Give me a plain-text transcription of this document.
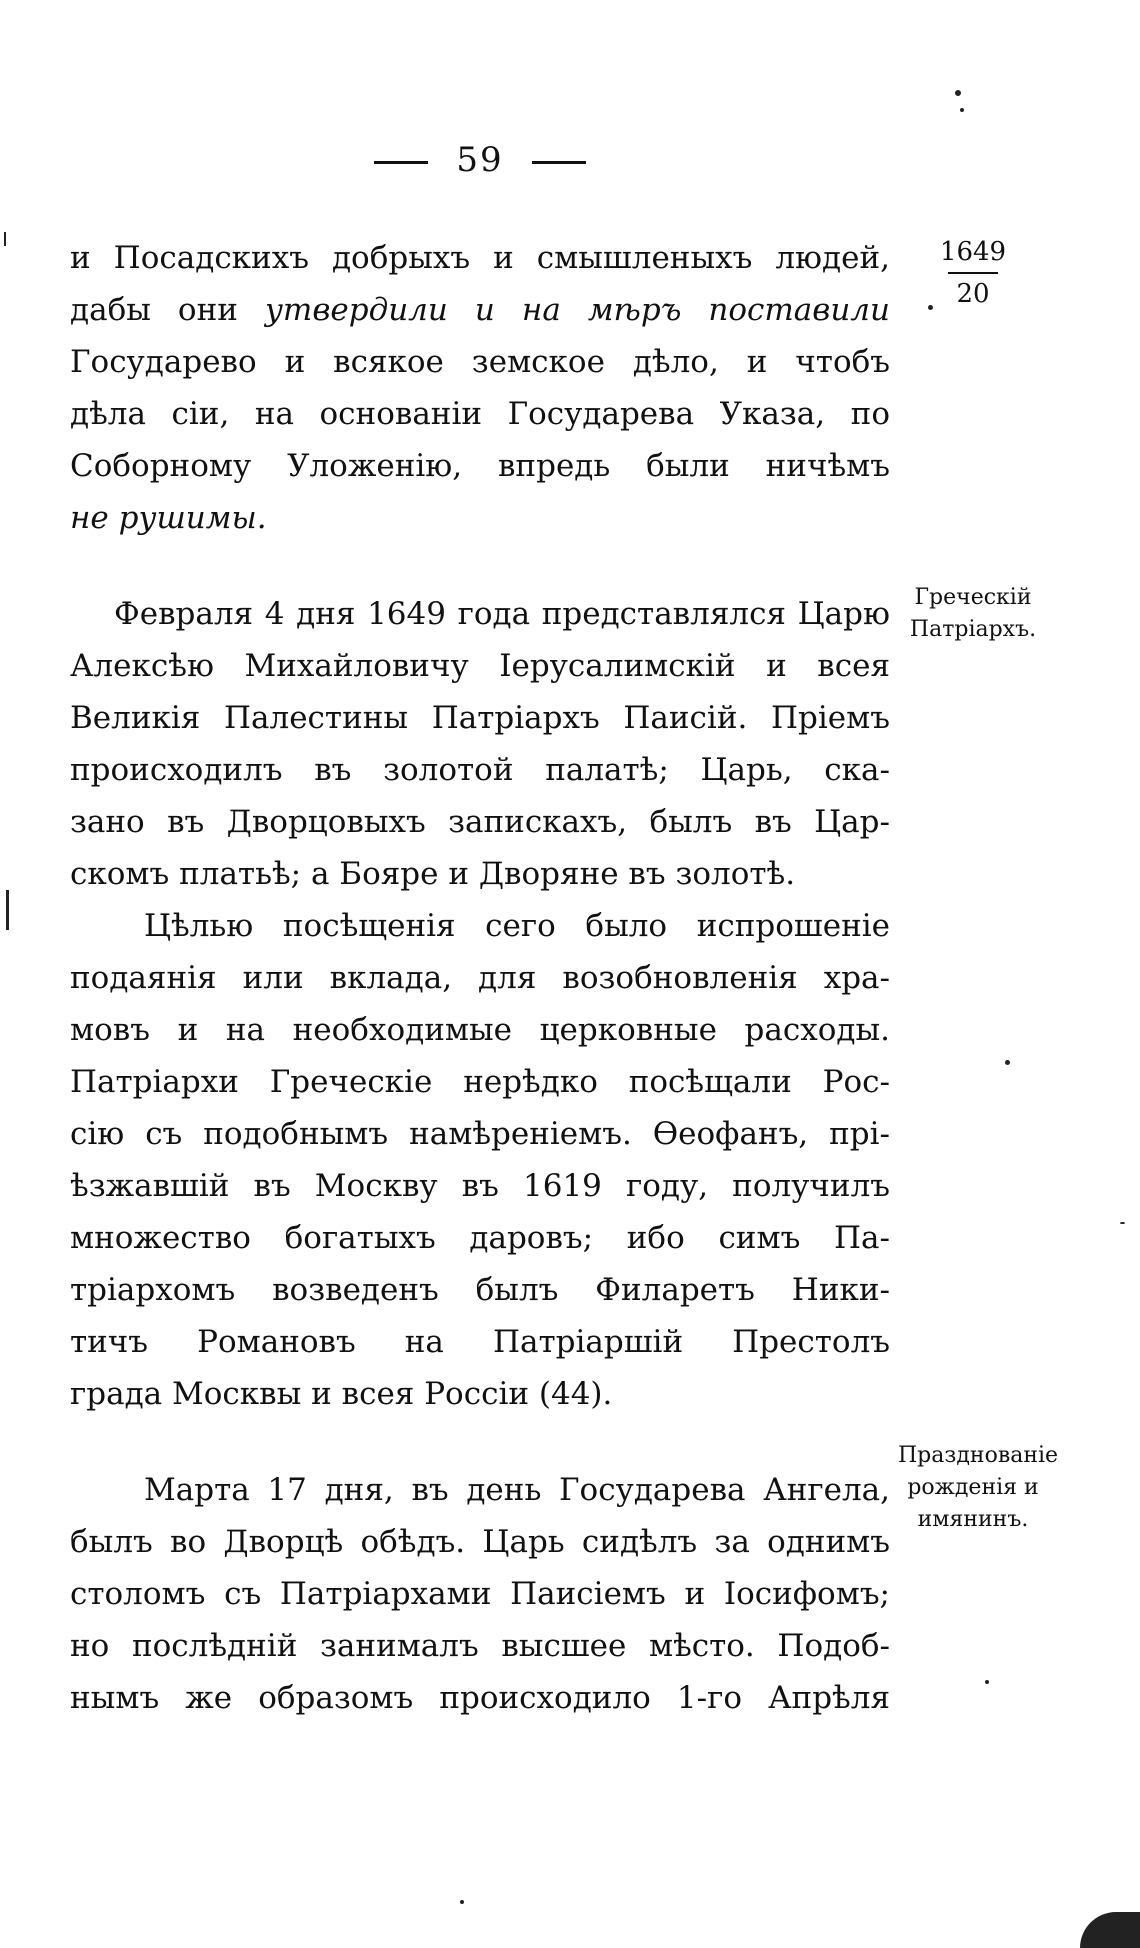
59

и Посадскихъ добрыхъ и смышленыхъ людей,
дабы они утвердили и на мѣръ поставили
Государево и всякое земское дѣло, и чтобъ
дѣла сіи, на основаніи Государева Указа, по
Соборному Уложенію, впредь были ничѣмъ
не рушимы.

Февраля 4 дня 1649 года представлялся Царю
Алексѣю Михайловичу Іерусалимскій и всея
Великія Палестины Патріархъ Паисій. Пріемъ
происходилъ въ золотой палатѣ; Царь, ска-
зано въ Дворцовыхъ запискахъ, былъ въ Цар-
скомъ платьѣ; а Бояре и Дворяне въ золотѣ.

Цѣлью посѣщенія сего было испрошеніе
подаянія или вклада, для возобновленія хра-
мовъ и на необходимые церковные расходы.
Патріархи Греческіе нерѣдко посѣщали Рос-
сію съ подобнымъ намѣреніемъ. Ѳеофанъ, прі-
ѣзжавшій въ Москву въ 1619 году, получилъ
множество богатыхъ даровъ; ибо симъ Па-
тріархомъ возведенъ былъ Филаретъ Ники-
тичъ Романовъ на Патріаршій Престолъ
града Москвы и всея Россіи (44).

Марта 17 дня, въ день Государева Ангела,
былъ во Дворцѣ обѣдъ. Царь сидѣлъ за однимъ
столомъ съ Патріархами Паисіемъ и Іосифомъ;
но послѣдній занималъ высшее мѣсто. Подоб-
нымъ же образомъ происходило 1-го Апрѣля

1649
20
Греческій Патріархъ.
Празднованіе рожденія и имянинъ.
